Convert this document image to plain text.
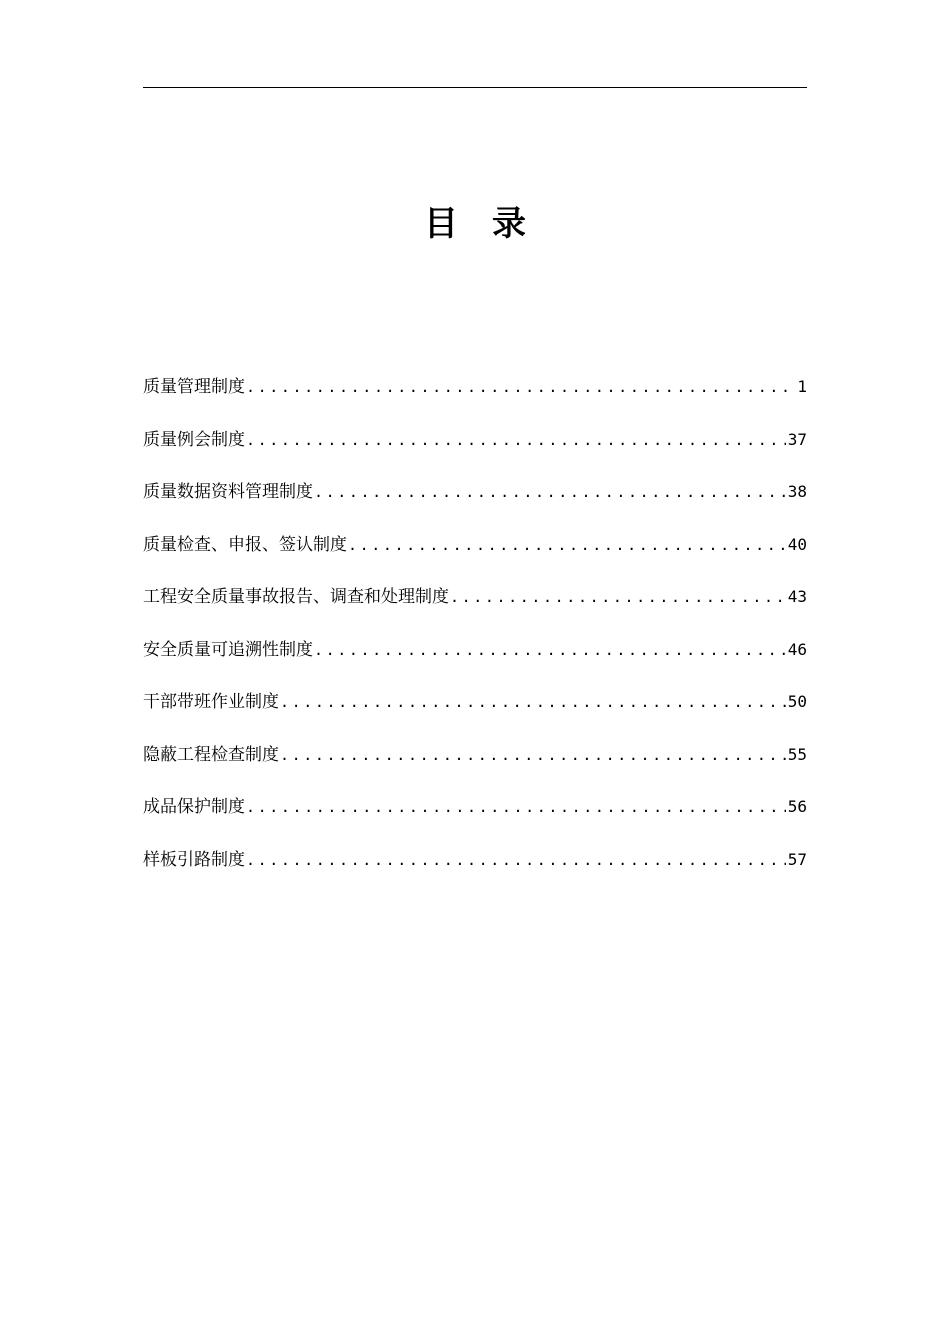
目 录
质量管理制度 .....	1
质量例会制度 .....	37
质量数据资料管理制度 .....	38
质量检查、申报、签认制度 .....	40
工程安全质量事故报告、调查和处理制度 .....	43
安全质量可追溯性制度 .....	46
干部带班作业制度 .....	50
隐蔽工程检查制度 .....	55
成品保护制度 .....	56
样板引路制度 .....	57
